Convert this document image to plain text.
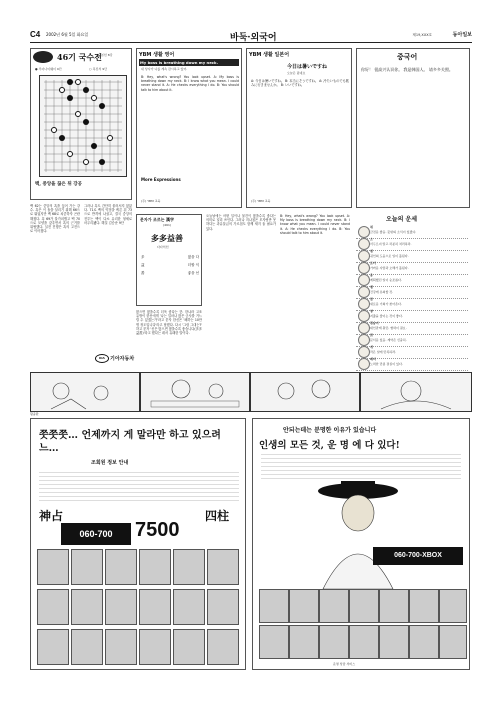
C4 2002년 6월 5일 화요일	바둑·외국어	제19,XXX호	동아일보
46기 국수전 본선 8강
● 루이나이웨이 9단	○ 목진석 9단
백, 중앙을 끊은 뒤 강공
백 62는 중앙의 흑을 끊어 가는 강수. 흑은 이 돌을 살리기 위해 66으로 뛰었지만 백 68로 치중하자 곤란해졌다. 흑 69가 불가피했고 백 70으로 모양을 갖추면서 흑의 근거를 위협했다. 실전 진행은 흑의 고전으로 이어졌다.
그러나 흑도 간단히 물러서지 않았다. 71로 백의 약점을 찌른 뒤 73으로 반격에 나섰고, 결국 중앙의 전투는 백이 다소 유리한 형세로 마무리됐다. 해설 김승준 9단
YBM 생활 영어
My boss is breathing down my neck.
내 상사가 나를 계속 감시하고 있어.
B: Hey, what's wrong? You look upset. A: My boss is breathing down my neck. B: I know what you mean. I could never stand it. A: He checks everything I do. B: You should talk to him about it.
More Expressions
(주) YBM 교육
YBM 생활 일본어
今日は暑いですね
오늘은 덥네요
A: 今日は暑いですね。 B: 本当にそうですね。 A: 冷たいものでも飲みに行きませんか。 B: いいですね。
(주) YBM 교육
중국어
你好！ 很高兴认识你。 我是韩国人。 请多多关照。
문자가 조르는 漢字
(461)
多多益善
다다익선
多	많을 다
益	더할 익
善	좋을 선
많으면 많을수록 더욱 좋다는 뜻. 한나라 고조 유방이 한신에게 '나는 얼마나 많은 군사를 거느릴 수 있겠는가'라고 묻자 한신은 '폐하는 10만 명 정도입니다'라고 답했다. 다시 '그럼 그대는?' 하고 묻자 '신은 많으면 많을수록 좋습니다(多多益善)'라고 했다는 데서 유래한 말이다.
오늘날에는 어떤 일이나 물건이 많을수록 좋다는 의미로 널리 쓰인다. 그러나 지나침은 모자람만 못하다는 과유불급의 가르침도 함께 새겨 둘 필요가 있다.
B: Hey, what's wrong? You look upset. A: My boss is breathing down my neck. B: I know what you mean. I could never stand it. A: He checks everything I do. B: You should talk to him about it.
KIA	기아자동차
오늘의 운세
쥐
금전운 좋음. 뜻밖의 소식이 있겠다.
소
서두르지 말고 차분히 처리하라.
범
귀인의 도움으로 일이 풀린다.
토끼
가까운 사람과 오해가 풀린다.
용
계획했던 일이 순조롭다.
뱀
건강에 유의할 것.
말
새로운 기회가 찾아온다.
양
지출을 줄이는 것이 좋다.
원숭이
대인관계 원만, 협력이 필요.
닭
문서운 있음. 계약은 신중히.
개
작은 일에 만족하라.
돼지
노력한 만큼 결실이 있다.
황중환
쯧쯧쯧… 언제까지 게 말라만 하고 있으려느…
조회원 정보 안내
神占	四柱
060-700	7500
안되는데는 분명한 이유가 있습니다
인생의 모든 것, 운 명 에 다 있다!
060-700-XBOX
운명 상담 서비스
